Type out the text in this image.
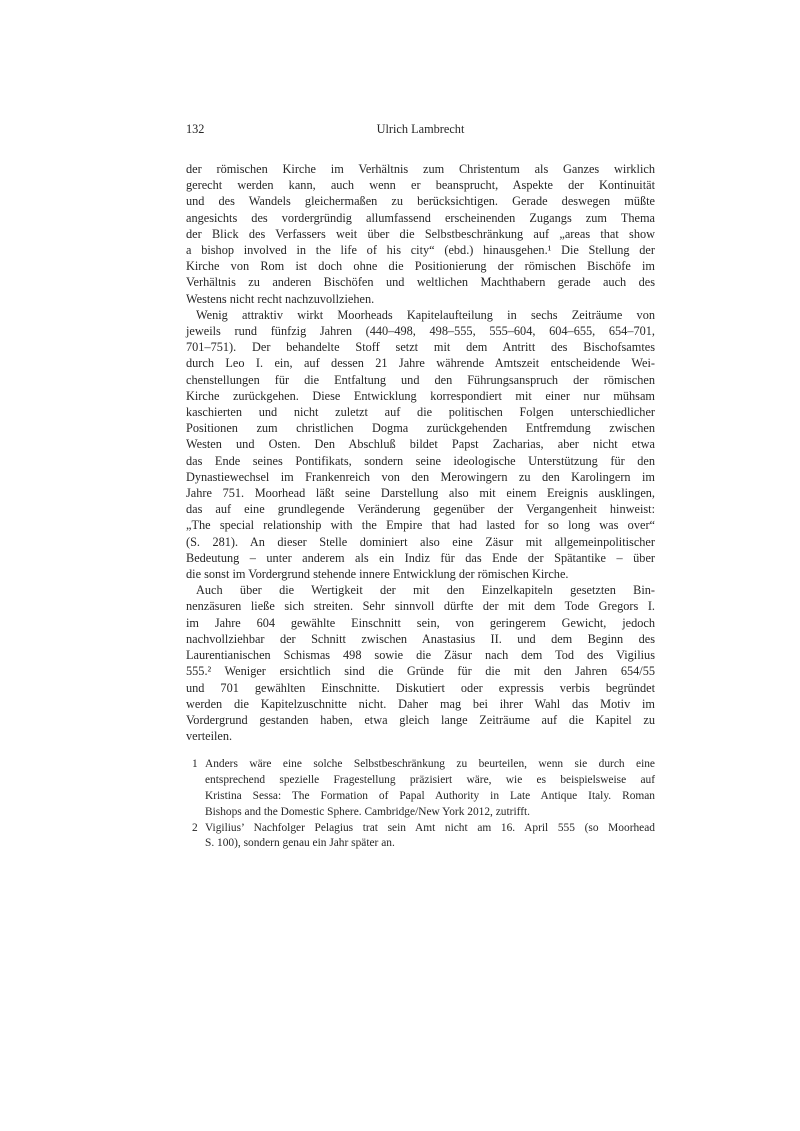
132	Ulrich Lambrecht
der römischen Kirche im Verhältnis zum Christentum als Ganzes wirklich
gerecht werden kann, auch wenn er beansprucht, Aspekte der Kontinuität
und des Wandels gleichermaßen zu berücksichtigen. Gerade deswegen müßte
angesichts des vordergründig allumfassend erscheinenden Zugangs zum Thema
der Blick des Verfassers weit über die Selbstbeschränkung auf „areas that show
a bishop involved in the life of his city“ (ebd.) hinausgehen.¹ Die Stellung der
Kirche von Rom ist doch ohne die Positionierung der römischen Bischöfe im
Verhältnis zu anderen Bischöfen und weltlichen Machthabern gerade auch des
Westens nicht recht nachzuvollziehen.
Wenig attraktiv wirkt Moorheads Kapitelaufteilung in sechs Zeiträume von
jeweils rund fünfzig Jahren (440–498, 498–555, 555–604, 604–655, 654–701,
701–751). Der behandelte Stoff setzt mit dem Antritt des Bischofsamtes
durch Leo I. ein, auf dessen 21 Jahre währende Amtszeit entscheidende Wei-
chenstellungen für die Entfaltung und den Führungsanspruch der römischen
Kirche zurückgehen. Diese Entwicklung korrespondiert mit einer nur mühsam
kaschierten und nicht zuletzt auf die politischen Folgen unterschiedlicher
Positionen zum christlichen Dogma zurückgehenden Entfremdung zwischen
Westen und Osten. Den Abschluß bildet Papst Zacharias, aber nicht etwa
das Ende seines Pontifikats, sondern seine ideologische Unterstützung für den
Dynastiewechsel im Frankenreich von den Merowingern zu den Karolingern im
Jahre 751. Moorhead läßt seine Darstellung also mit einem Ereignis ausklingen,
das auf eine grundlegende Veränderung gegenüber der Vergangenheit hinweist:
„The special relationship with the Empire that had lasted for so long was over“
(S. 281). An dieser Stelle dominiert also eine Zäsur mit allgemeinpolitischer
Bedeutung – unter anderem als ein Indiz für das Ende der Spätantike – über
die sonst im Vordergrund stehende innere Entwicklung der römischen Kirche.
Auch über die Wertigkeit der mit den Einzelkapiteln gesetzten Bin-
nenzäsuren ließe sich streiten. Sehr sinnvoll dürfte der mit dem Tode Gregors I.
im Jahre 604 gewählte Einschnitt sein, von geringerem Gewicht, jedoch
nachvollziehbar der Schnitt zwischen Anastasius II. und dem Beginn des
Laurentianischen Schismas 498 sowie die Zäsur nach dem Tod des Vigilius
555.² Weniger ersichtlich sind die Gründe für die mit den Jahren 654/55
und 701 gewählten Einschnitte. Diskutiert oder expressis verbis begründet
werden die Kapitelzuschnitte nicht. Daher mag bei ihrer Wahl das Motiv im
Vordergrund gestanden haben, etwa gleich lange Zeiträume auf die Kapitel zu
verteilen.
1 Anders wäre eine solche Selbstbeschränkung zu beurteilen, wenn sie durch eine
entsprechend spezielle Fragestellung präzisiert wäre, wie es beispielsweise auf
Kristina Sessa: The Formation of Papal Authority in Late Antique Italy. Roman
Bishops and the Domestic Sphere. Cambridge/New York 2012, zutrifft.
2 Vigilius’ Nachfolger Pelagius trat sein Amt nicht am 16. April 555 (so Moorhead
S. 100), sondern genau ein Jahr später an.
